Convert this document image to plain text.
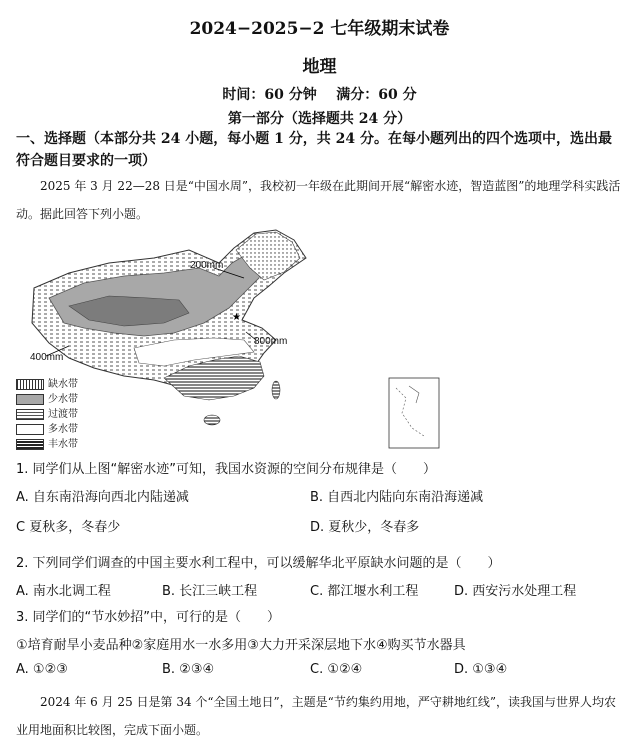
2024−2025−2 七年级期末试卷
地理
时间：60 分钟    满分：60 分
第一部分（选择题共 24 分）
一、选择题（本部分共 24 小题，每小题 1 分，共 24 分。在每小题列出的四个选项中，选出最符合题目要求的一项）
2025 年 3 月 22—28 日是“中国水周”，我校初一年级在此期间开展“解密水迹，智造蓝图”的地理学科实践活动。据此回答下列小题。
★
200mm
400mm
800mm
缺水带
少水带
过渡带
多水带
丰水带
1. 同学们从上图“解密水迹”可知，我国水资源的空间分布规律是（　　）
A. 自东南沿海向西北内陆递减	B. 自西北内陆向东南沿海递减
C 夏秋多，冬春少	D. 夏秋少，冬春多
2. 下列同学们调查的中国主要水利工程中，可以缓解华北平原缺水问题的是（　　）
A. 南水北调工程	B. 长江三峡工程	C. 都江堰水利工程	D. 西安污水处理工程
3. 同学们的“节水妙招”中，可行的是（　　）
①培育耐旱小麦品种②家庭用水一水多用③大力开采深层地下水④购买节水器具
A. ①②③	B. ②③④	C. ①②④	D. ①③④
2024 年 6 月 25 日是第 34 个“全国土地日”，主题是“节约集约用地，严守耕地红线”，读我国与世界人均农业用地面积比较图，完成下面小题。
